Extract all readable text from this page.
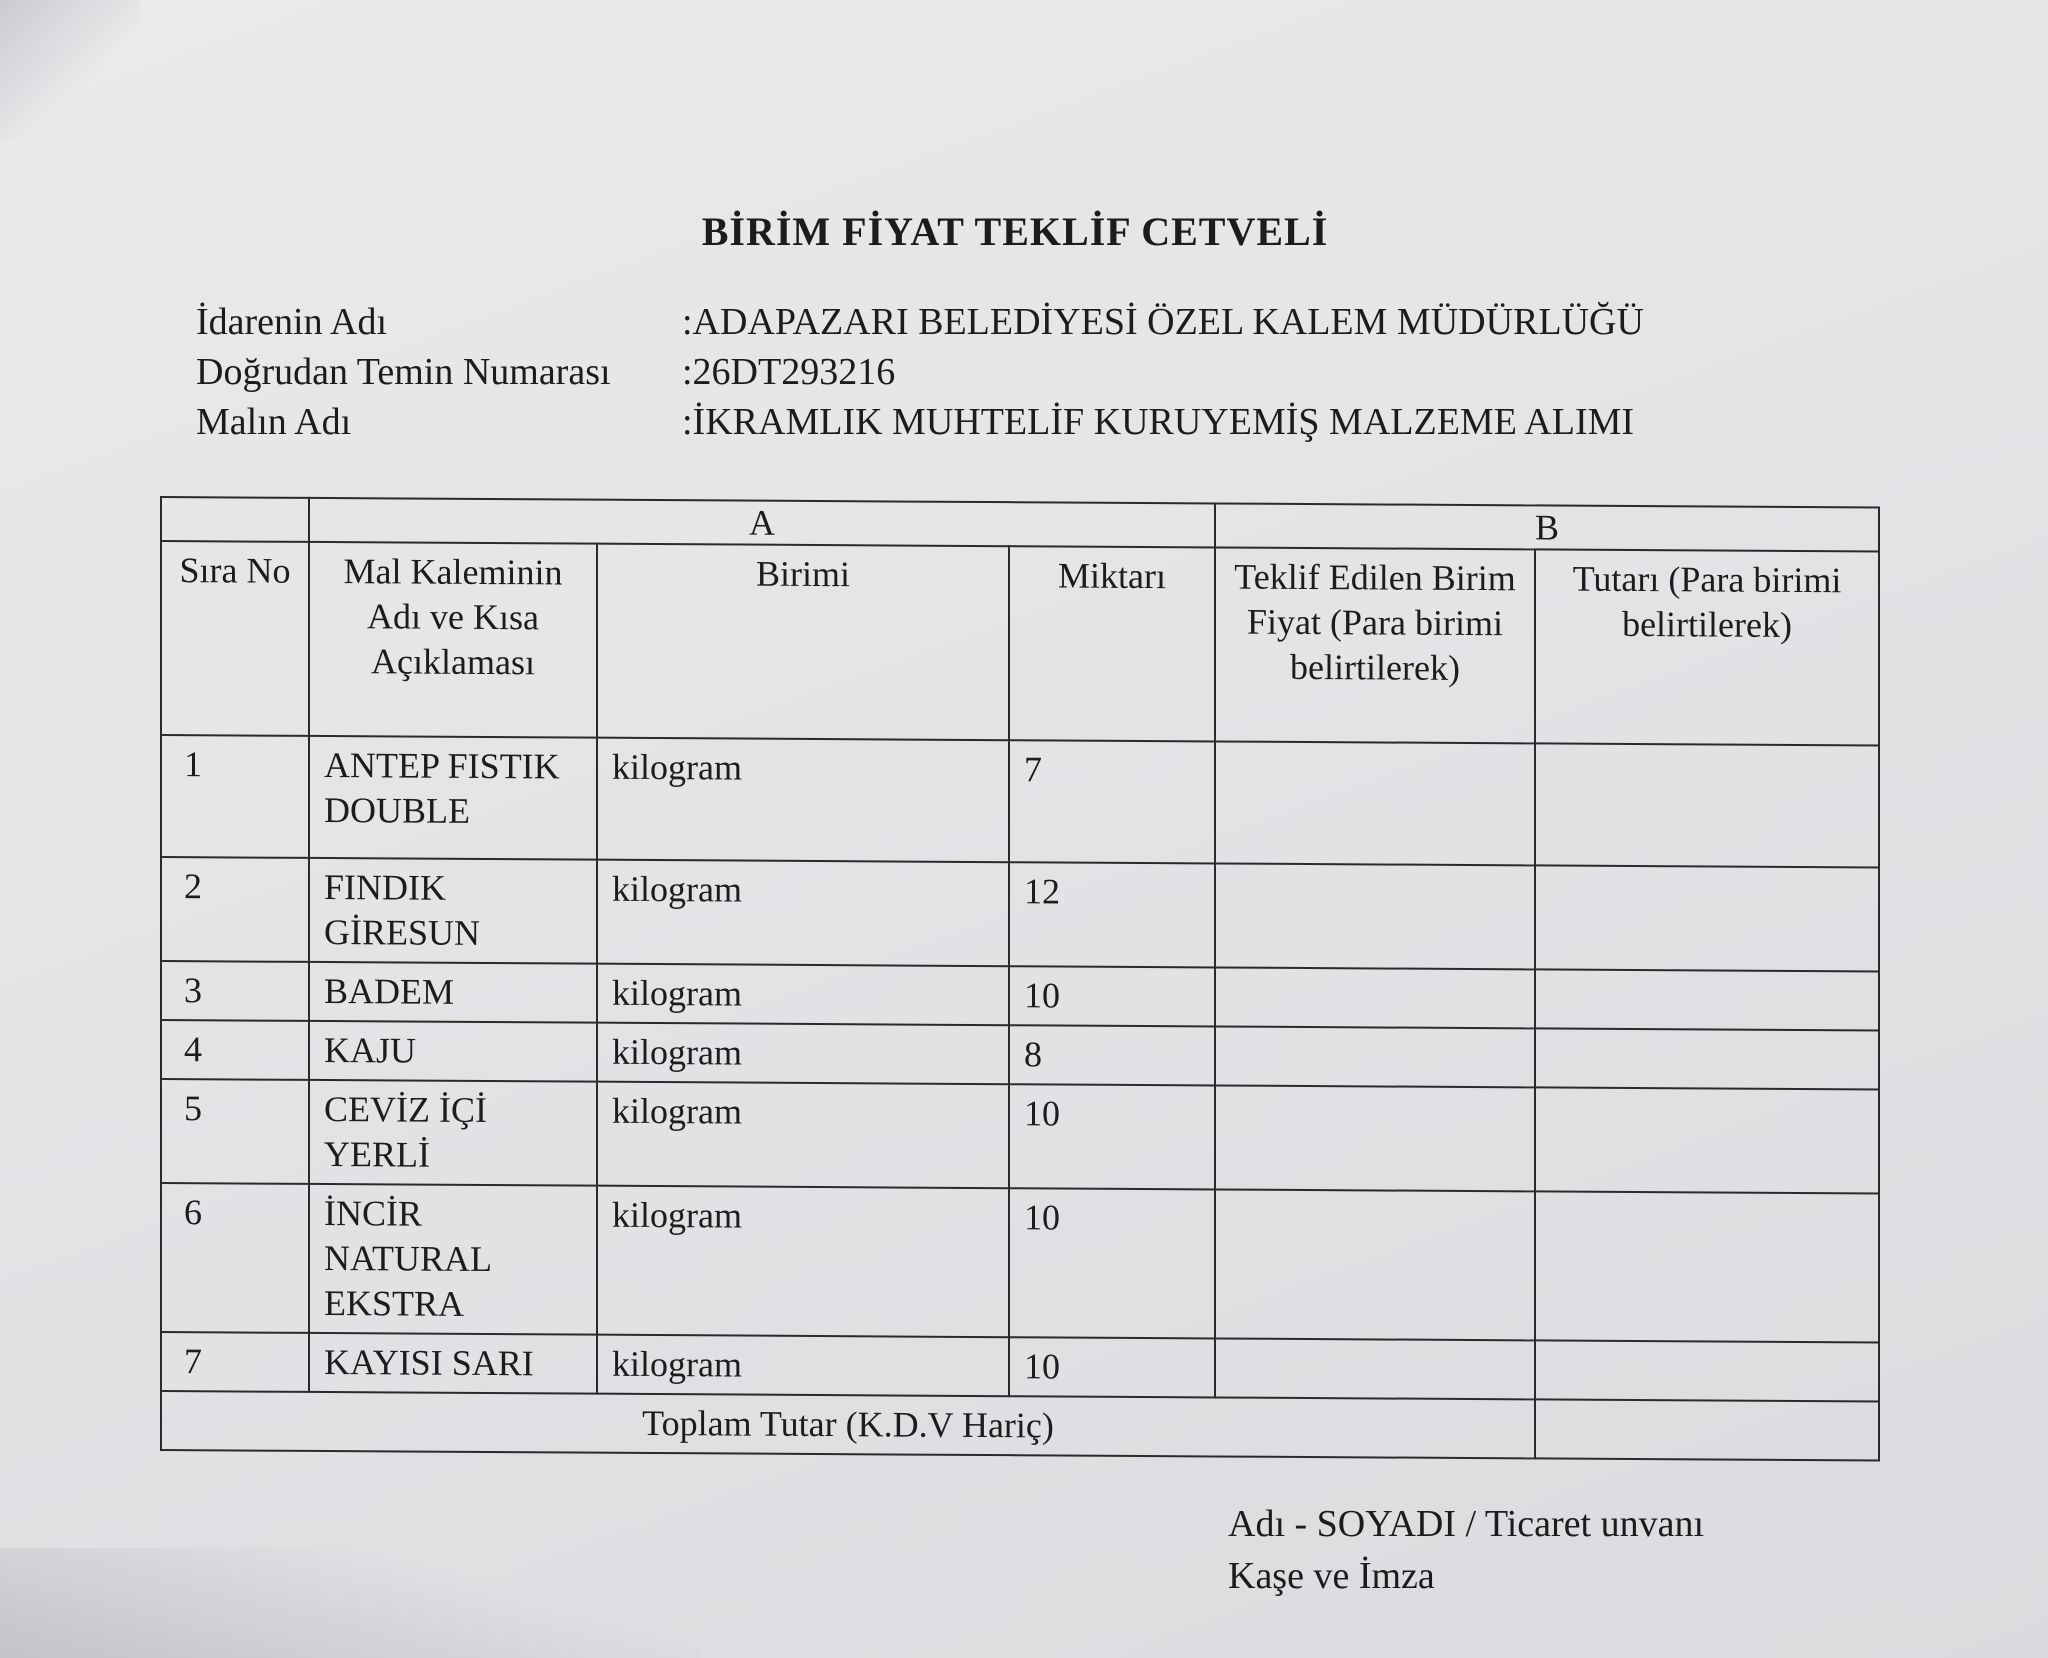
BİRİM FİYAT TEKLİF CETVELİ
İdarenin Adı	:ADAPAZARI BELEDİYESİ ÖZEL KALEM MÜDÜRLÜĞÜ
Doğrudan Temin Numarası :26DT293216
Malın Adı	:İKRAMLIK MUHTELİF KURUYEMİŞ MALZEME ALIMI
	A			B	
Sıra No	Mal Kaleminin Adı ve Kısa Açıklaması	Birimi	Miktarı	Teklif Edilen Birim Fiyat (Para birimi belirtilerek)	Tutarı (Para birimi belirtilerek)
1	ANTEP FISTIK DOUBLE	kilogram	7		
2	FINDIK GİRESUN	kilogram	12		
3	BADEM	kilogram	10		
4	KAJU	kilogram	8		
5	CEVİZ İÇİ YERLİ	kilogram	10		
6	İNCİR NATURAL EKSTRA	kilogram	10		
7	KAYISI SARI	kilogram	10		
Toplam Tutar (K.D.V Hariç)					
Adı - SOYADI / Ticaret unvanı
Kaşe ve İmza
